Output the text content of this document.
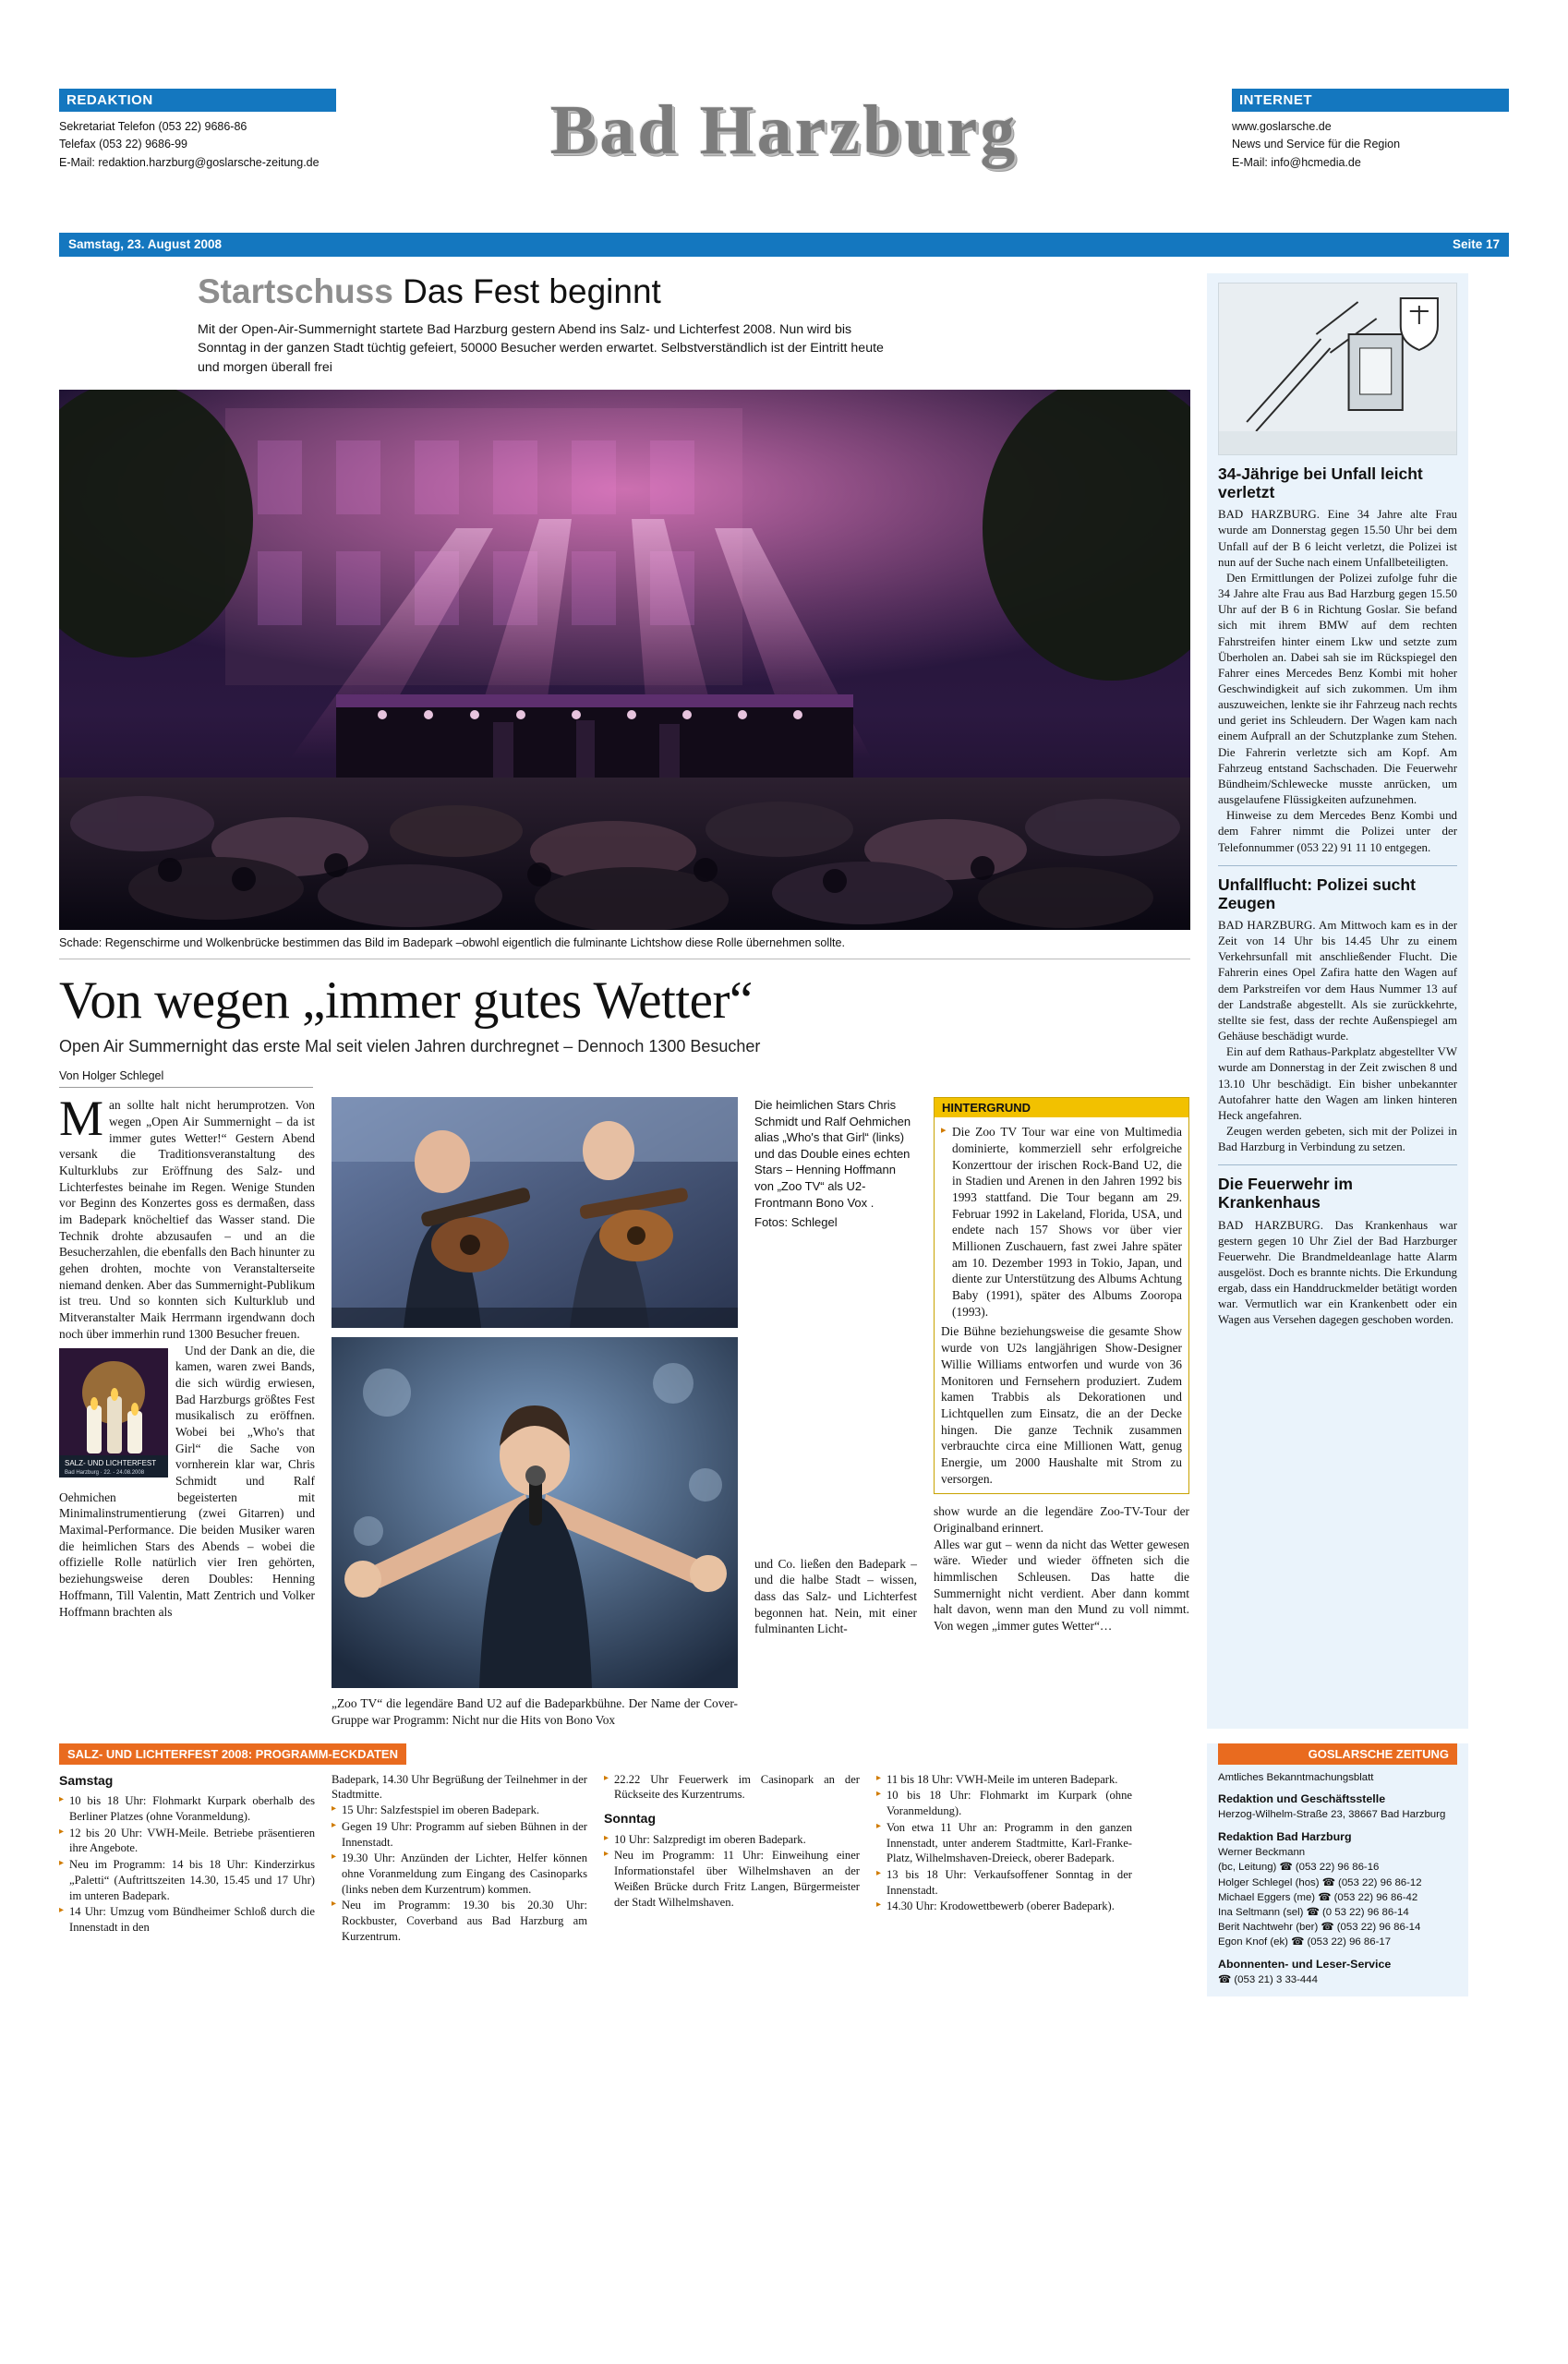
REDAKTION
Sekretariat Telefon (053 22) 9686-86
Telefax (053 22) 9686-99
E-Mail: redaktion.harzburg@goslarsche-zeitung.de	Bad Harzburg	INTERNET
www.goslarsche.de
News und Service für die Region
E-Mail: info@hcmedia.de
Samstag, 23. August 2008	Seite 17
Startschuss Das Fest beginnt
Mit der Open-Air-Summernight startete Bad Harzburg gestern Abend ins Salz- und Lichterfest 2008. Nun wird bis Sonntag in der ganzen Stadt tüchtig gefeiert, 50000 Besucher werden erwartet. Selbstverständlich ist der Eintritt heute und morgen überall frei
Schade: Regenschirme und Wolkenbrücke bestimmen das Bild im Badepark –obwohl eigentlich die fulminante Lichtshow diese Rolle übernehmen sollte.
Von wegen „immer gutes Wetter“
Open Air Summernight das erste Mal seit vielen Jahren durchregnet – Dennoch 1300 Besucher
Von Holger Schlegel
M an sollte halt nicht herumprotzen. Von wegen „Open Air Summernight – da ist immer gutes Wetter!“ Gestern Abend versank die Traditionsveranstaltung des Kulturklubs zur Eröffnung des Salz- und Lichterfestes beinahe im Regen. Wenige Stunden vor Beginn des Konzertes goss es dermaßen, dass im Badepark knöcheltief das Wasser stand. Die Technik drohte abzusaufen – und an die Besucherzahlen, die ebenfalls den Bach hinunter zu gehen drohten, mochte von Veranstalterseite niemand denken. Aber das Summernight-Publikum ist treu. Und so konnten sich Kulturklub und Mitveranstalter Maik Herrmann irgendwann doch noch über immerhin rund 1300 Besucher freuen.

SALZ- UND LICHTERFEST
Bad Harzburg · 22. - 24.08.2008

Und der Dank an die, die kamen, waren zwei Bands, die sich würdig erwiesen, Bad Harzburgs größtes Fest musikalisch zu eröffnen. Wobei bei „Who's that Girl“ die Sache von vornherein klar war, Chris Schmidt und Ralf Oehmichen begeisterten mit Minimalinstrumentierung (zwei Gitarren) und Maximal-Performance. Die beiden Musiker waren die heimlichen Stars des Abends – wobei die offizielle Rolle natürlich vier Iren gehörten, beziehungsweise deren Doubles: Henning Hoffmann, Till Valentin, Matt Zentrich und Volker Hoffmann brachten als

„Zoo TV“ die legendäre Band U2 auf die Badeparkbühne. Der Name der Cover-Gruppe war Programm: Nicht nur die Hits von Bono Vox
Die heimlichen Stars Chris Schmidt und Ralf Oehmichen alias „Who's that Girl“ (links) und das Double eines echten Stars – Henning Hoffmann von „Zoo TV“ als U2-Frontmann Bono Vox .
Fotos: Schlegel
und Co. ließen den Badepark – und die halbe Stadt – wissen, dass das Salz- und Lichterfest begonnen hat. Nein, mit einer fulminanten Licht-
HINTERGRUND
▸ Die Zoo TV Tour war eine von Multimedia dominierte, kommerziell sehr erfolgreiche Konzerttour der irischen Rock-Band U2, die in Stadien und Arenen in den Jahren 1992 bis 1993 stattfand. Die Tour begann am 29. Februar 1992 in Lakeland, Florida, USA, und endete nach 157 Shows vor über vier Millionen Zuschauern, fast zwei Jahre später am 10. Dezember 1993 in Tokio, Japan, und diente zur Unterstützung des Albums Achtung Baby (1991), später des Albums Zooropa (1993).
Die Bühne beziehungsweise die gesamte Show wurde von U2s langjährigen Show-Designer Willie Williams entworfen und wurde von 36 Monitoren und Fernsehern produziert. Zudem kamen Trabbis als Dekorationen und Lichtquellen zum Einsatz, die an der Decke hingen. Die ganze Technik zusammen verbrauchte circa eine Millionen Watt, genug Energie, um 2000 Haushalte mit Strom zu versorgen.
show wurde an die legendäre Zoo-TV-Tour der Originalband erinnert.
Alles war gut – wenn da nicht das Wetter gewesen wäre. Wieder und wieder öffneten sich die himmlischen Schleusen. Das hatte die Summernight nicht verdient. Aber dann kommt halt davon, wenn man den Mund zu voll nimmt. Von wegen „immer gutes Wetter“…
34-Jährige bei Unfall leicht verletzt

BAD HARZBURG. Eine 34 Jahre alte Frau wurde am Donnerstag gegen 15.50 Uhr bei dem Unfall auf der B 6 leicht verletzt, die Polizei ist nun auf der Suche nach einem Unfallbeteiligten.

Den Ermittlungen der Polizei zufolge fuhr die 34 Jahre alte Frau aus Bad Harzburg gegen 15.50 Uhr auf der B 6 in Richtung Goslar. Sie befand sich mit ihrem BMW auf dem rechten Fahrstreifen hinter einem Lkw und setzte zum Überholen an. Dabei sah sie im Rückspiegel den Fahrer eines Mercedes Benz Kombi mit hoher Geschwindigkeit auf sich zukommen. Um ihm auszuweichen, lenkte sie ihr Fahrzeug nach rechts und geriet ins Schleudern. Der Wagen kam nach einem Aufprall an der Schutzplanke zum Stehen. Die Fahrerin verletzte sich am Kopf. Am Fahrzeug entstand Sachschaden. Die Feuerwehr Bündheim/Schlewecke musste anrücken, um ausgelaufene Flüssigkeiten aufzunehmen.

Hinweise zu dem Mercedes Benz Kombi und dem Fahrer nimmt die Polizei unter der Telefonnummer (053 22) 91 11 10 entgegen.

Unfallflucht: Polizei sucht Zeugen

BAD HARZBURG. Am Mittwoch kam es in der Zeit von 14 Uhr bis 14.45 Uhr zu einem Verkehrsunfall mit anschließender Flucht. Die Fahrerin eines Opel Zafira hatte den Wagen auf dem Parkstreifen vor dem Haus Nummer 13 auf der Landstraße abgestellt. Als sie zurückkehrte, stellte sie fest, dass der rechte Außenspiegel am Gehäuse beschädigt wurde.

Ein auf dem Rathaus-Parkplatz abgestellter VW wurde am Donnerstag in der Zeit zwischen 8 und 13.10 Uhr beschädigt. Ein bisher unbekannter Autofahrer hatte den Wagen am linken hinteren Heck angefahren.

Zeugen werden gebeten, sich mit der Polizei in Bad Harzburg in Verbindung zu setzen.

Die Feuerwehr im Krankenhaus

BAD HARZBURG. Das Krankenhaus war gestern gegen 10 Uhr Ziel der Bad Harzburger Feuerwehr. Die Brandmeldeanlage hatte Alarm ausgelöst. Doch es brannte nichts. Die Erkundung ergab, dass ein Handdruckmelder betätigt worden war. Vermutlich war ein Krankenbett oder ein Wagen aus Versehen dagegen geschoben worden.

SALZ- UND LICHTERFEST 2008: PROGRAMM-ECKDATEN
Samstag
▸ 10 bis 18 Uhr: Flohmarkt Kurpark oberhalb des Berliner Platzes (ohne Voranmeldung).
▸ 12 bis 20 Uhr: VWH-Meile. Betriebe präsentieren ihre Angebote.
▸ Neu im Programm: 14 bis 18 Uhr: Kinderzirkus „Paletti“ (Auftrittszeiten 14.30, 15.45 und 17 Uhr) im unteren Badepark.
▸ 14 Uhr: Umzug vom Bündheimer Schloß durch die Innenstadt in den
Badepark, 14.30 Uhr Begrüßung der Teilnehmer in der Stadtmitte.
▸ 15 Uhr: Salzfestspiel im oberen Badepark.
▸ Gegen 19 Uhr: Programm auf sieben Bühnen in der Innenstadt.
▸ 19.30 Uhr: Anzünden der Lichter, Helfer können ohne Voranmeldung zum Eingang des Casinoparks (links neben dem Kurzentrum) kommen.
▸ Neu im Programm: 19.30 bis 20.30 Uhr: Rockbuster, Coverband aus Bad Harzburg am Kurzentrum.
▸ 22.22 Uhr Feuerwerk im Casinopark an der Rückseite des Kurzentrums.
Sonntag
▸ 10 Uhr: Salzpredigt im oberen Badepark.
▸ Neu im Programm: 11 Uhr: Einweihung einer Informationstafel über Wilhelmshaven an der Weißen Brücke durch Fritz Langen, Bürgermeister der Stadt Wilhelmshaven.
▸ 11 bis 18 Uhr: VWH-Meile im unteren Badepark.
▸ 10 bis 18 Uhr: Flohmarkt im Kurpark (ohne Voranmeldung).
▸ Von etwa 11 Uhr an: Programm in den ganzen Innenstadt, unter anderem Stadtmitte, Karl-Franke-Platz, Wilhelmshaven-Dreieck, oberer Badepark.
▸ 13 bis 18 Uhr: Verkaufsoffener Sonntag in der Innenstadt.
▸ 14.30 Uhr: Krodowettbewerb (oberer Badepark).
GOSLARSCHE ZEITUNG
Amtliches Bekanntmachungsblatt
Redaktion und Geschäftsstelle
Herzog-Wilhelm-Straße 23, 38667 Bad Harzburg
Redaktion Bad Harzburg
Werner Beckmann
(bc, Leitung) ☎ (053 22) 96 86-16
Holger Schlegel (hos) ☎ (053 22) 96 86-12
Michael Eggers (me) ☎ (053 22) 96 86-42
Ina Seltmann (sel) ☎ (0 53 22) 96 86-14
Berit Nachtwehr (ber) ☎ (053 22) 96 86-14
Egon Knof (ek) ☎ (053 22) 96 86-17
Abonnenten- und Leser-Service
☎ (053 21) 3 33-444
